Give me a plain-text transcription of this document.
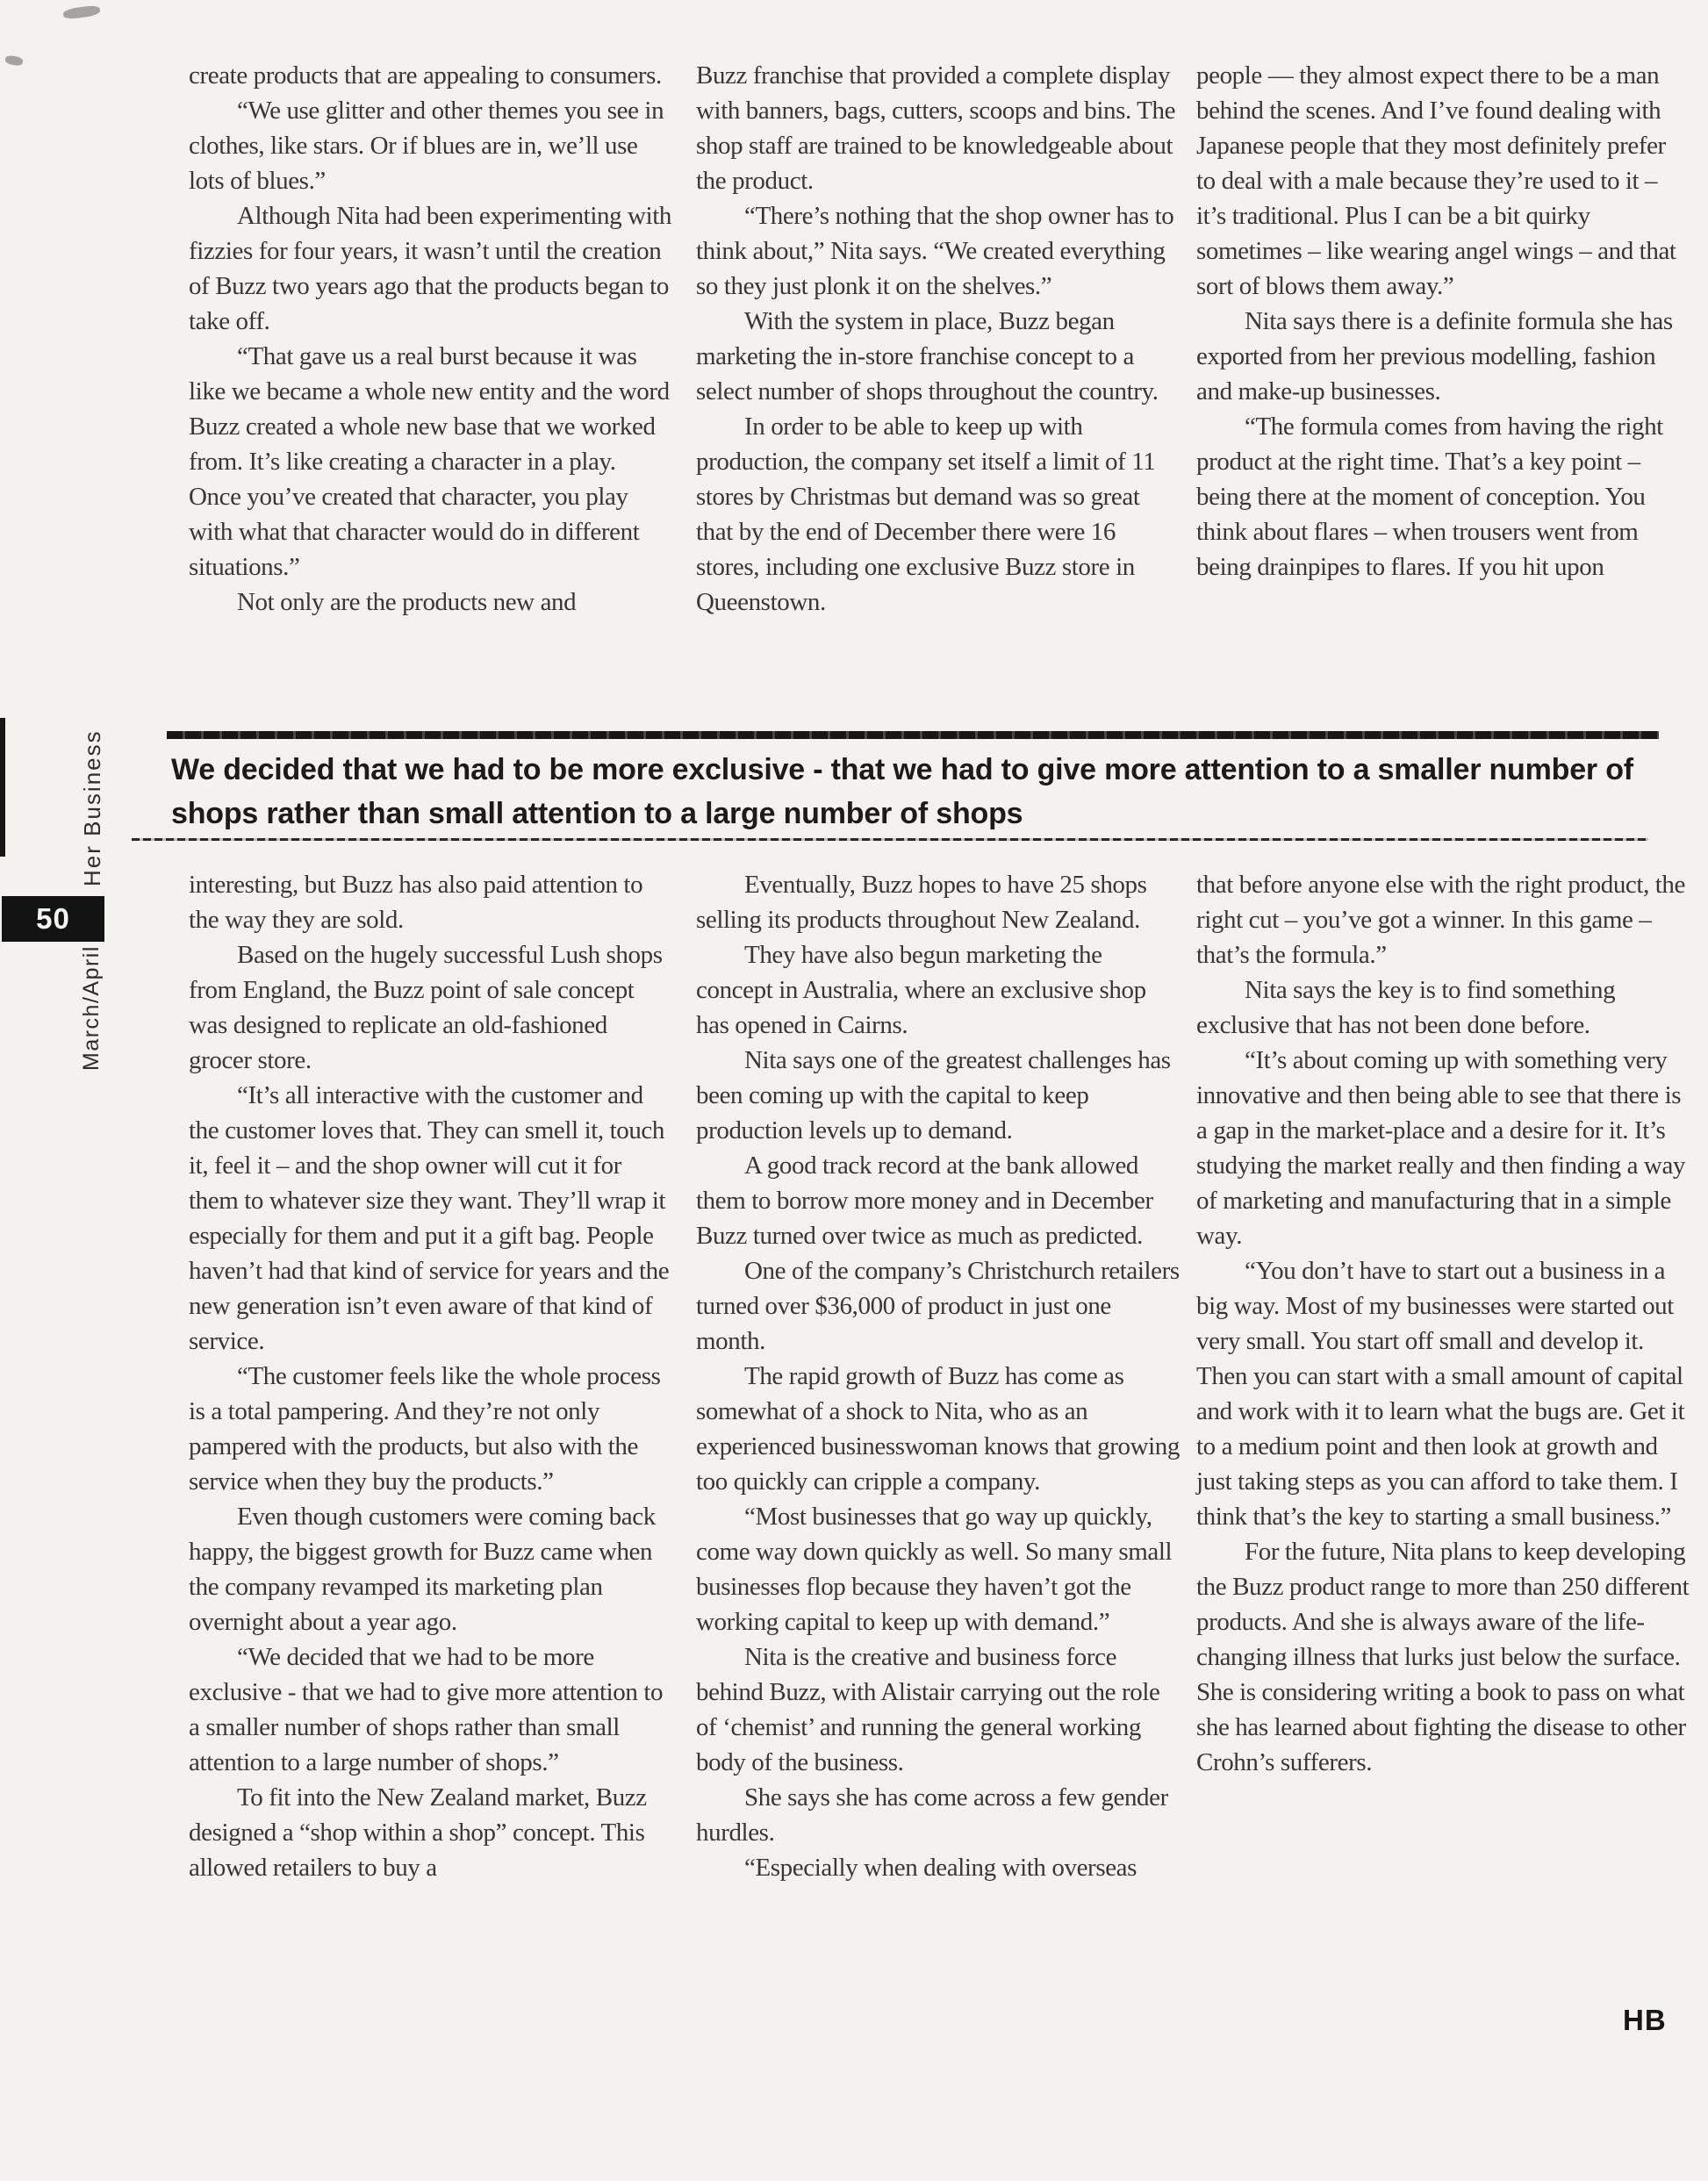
Her Business
50
March/April

create products that are appealing to consumers.

“We use glitter and other themes you see in clothes, like stars. Or if blues are in, we’ll use lots of blues.”

Although Nita had been experimenting with fizzies for four years, it wasn’t until the creation of Buzz two years ago that the products began to take off.

“That gave us a real burst because it was like we became a whole new entity and the word Buzz created a whole new base that we worked from. It’s like creating a character in a play. Once you’ve created that character, you play with what that character would do in different situations.”

Not only are the products new and

Buzz franchise that provided a complete display with banners, bags, cutters, scoops and bins. The shop staff are trained to be knowledgeable about the product.

“There’s nothing that the shop owner has to think about,” Nita says. “We created everything so they just plonk it on the shelves.”

With the system in place, Buzz began marketing the in-store franchise concept to a select number of shops throughout the country.

In order to be able to keep up with production, the company set itself a limit of 11 stores by Christmas but demand was so great that by the end of December there were 16 stores, including one exclusive Buzz store in Queenstown.

people — they almost expect there to be a man behind the scenes. And I’ve found dealing with Japanese people that they most definitely prefer to deal with a male because they’re used to it – it’s traditional. Plus I can be a bit quirky sometimes – like wearing angel wings – and that sort of blows them away.”

Nita says there is a definite formula she has exported from her previous modelling, fashion and make-up businesses.

“The formula comes from having the right product at the right time. That’s a key point – being there at the moment of conception. You think about flares – when trousers went from being drainpipes to flares. If you hit upon

We decided that we had to be more exclusive - that we had to give more attention to a smaller number of shops rather than small attention to a large number of shops

interesting, but Buzz has also paid attention to the way they are sold.

Based on the hugely successful Lush shops from England, the Buzz point of sale concept was designed to replicate an old-fashioned grocer store.

“It’s all interactive with the customer and the customer loves that. They can smell it, touch it, feel it – and the shop owner will cut it for them to whatever size they want. They’ll wrap it especially for them and put it a gift bag. People haven’t had that kind of service for years and the new generation isn’t even aware of that kind of service.

“The customer feels like the whole process is a total pampering. And they’re not only pampered with the products, but also with the service when they buy the products.”

Even though customers were coming back happy, the biggest growth for Buzz came when the company revamped its marketing plan overnight about a year ago.

“We decided that we had to be more exclusive - that we had to give more attention to a smaller number of shops rather than small attention to a large number of shops.”

To fit into the New Zealand market, Buzz designed a “shop within a shop” concept. This allowed retailers to buy a

Eventually, Buzz hopes to have 25 shops selling its products throughout New Zealand.

They have also begun marketing the concept in Australia, where an exclusive shop has opened in Cairns.

Nita says one of the greatest challenges has been coming up with the capital to keep production levels up to demand.

A good track record at the bank allowed them to borrow more money and in December Buzz turned over twice as much as predicted.

One of the company’s Christchurch retailers turned over $36,000 of product in just one month.

The rapid growth of Buzz has come as somewhat of a shock to Nita, who as an experienced businesswoman knows that growing too quickly can cripple a company.

“Most businesses that go way up quickly, come way down quickly as well. So many small businesses flop because they haven’t got the working capital to keep up with demand.”

Nita is the creative and business force behind Buzz, with Alistair carrying out the role of ‘chemist’ and running the general working body of the business.

She says she has come across a few gender hurdles.

“Especially when dealing with overseas

that before anyone else with the right product, the right cut – you’ve got a winner. In this game – that’s the formula.”

Nita says the key is to find something exclusive that has not been done before.

“It’s about coming up with something very innovative and then being able to see that there is a gap in the market-place and a desire for it. It’s studying the market really and then finding a way of marketing and manufacturing that in a simple way.

“You don’t have to start out a business in a big way. Most of my businesses were started out very small. You start off small and develop it. Then you can start with a small amount of capital and work with it to learn what the bugs are. Get it to a medium point and then look at growth and just taking steps as you can afford to take them. I think that’s the key to starting a small business.”

For the future, Nita plans to keep developing the Buzz product range to more than 250 different products. And she is always aware of the life-changing illness that lurks just below the surface. She is considering writing a book to pass on what she has learned about fighting the disease to other Crohn’s sufferers.

HB
